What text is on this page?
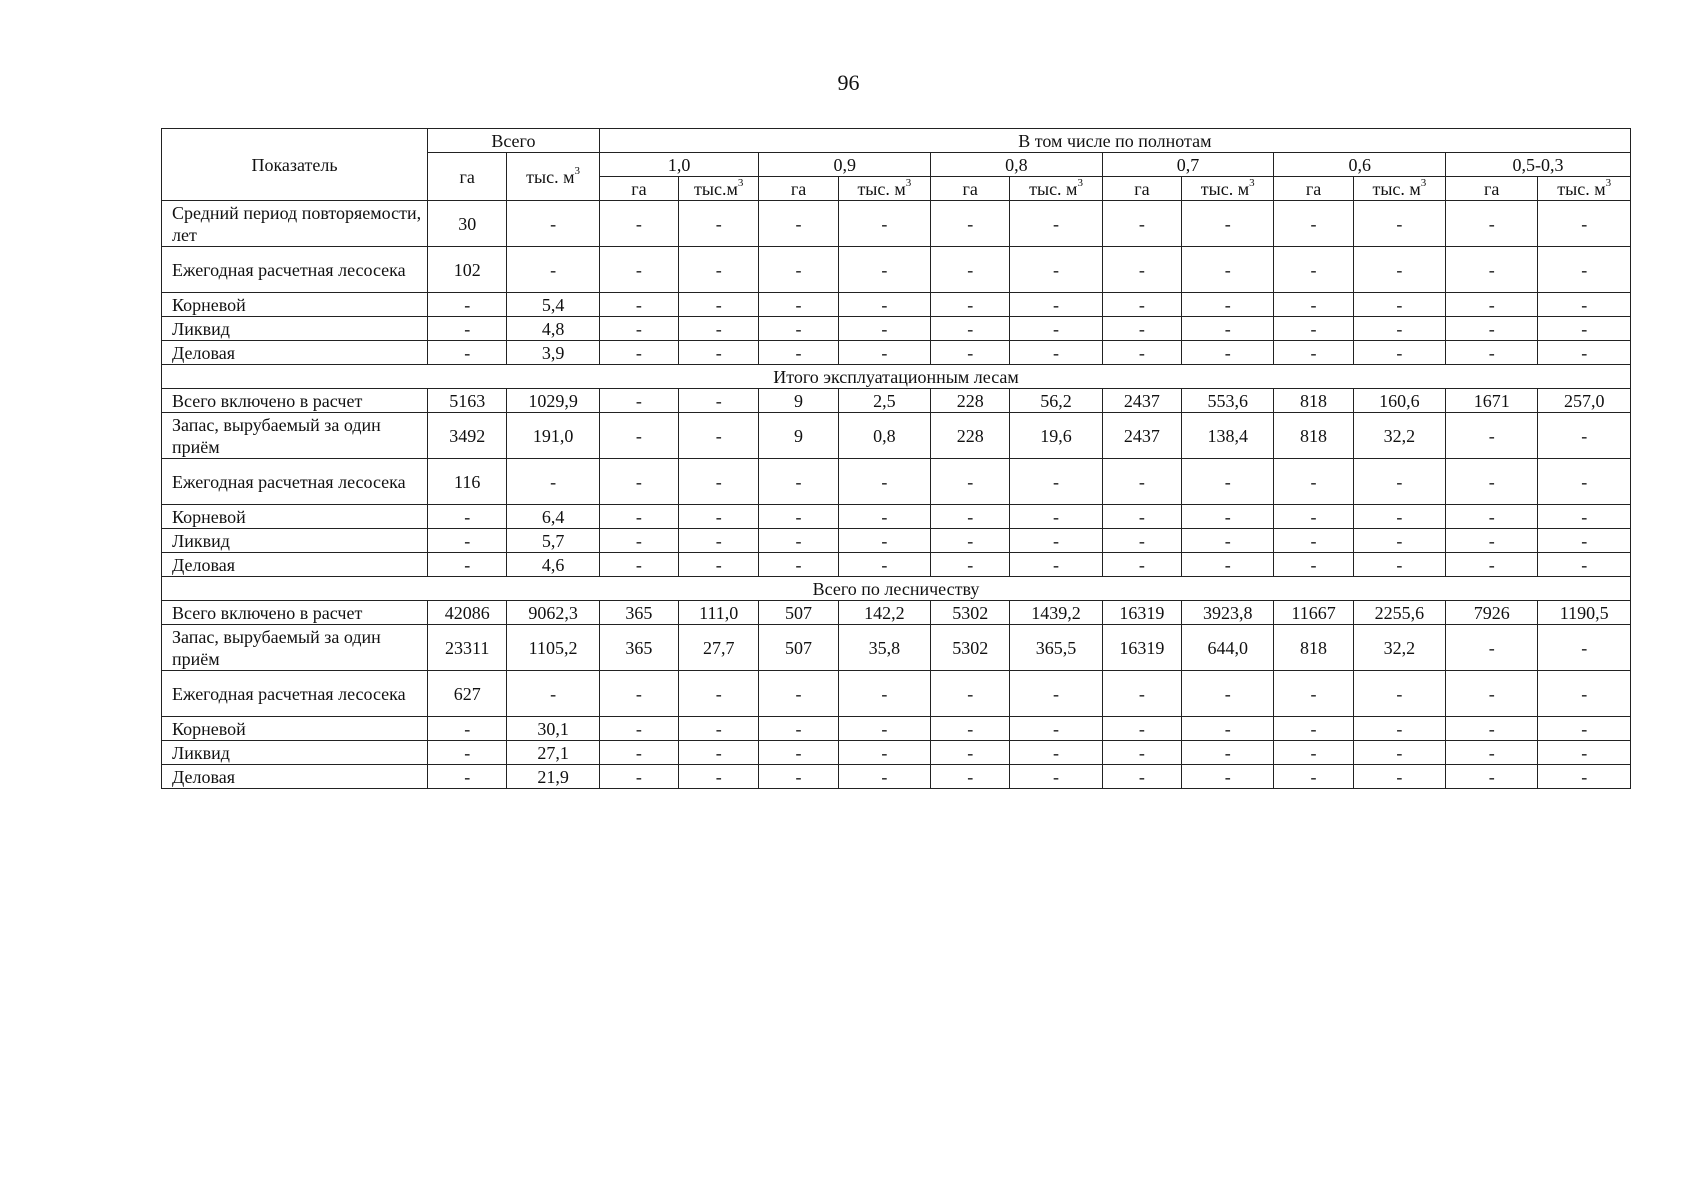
96
Показатель	Всего		В том числе по полнотам											
	га	тыс. $м^3$	1,0		0,9		0,8		0,7		0,6		0,5-0,3	
			га	$тыс.м^3$	га	тыс. $м^3$	га	тыс. $м^3$	га	тыс. $м^3$	га	тыс. $м^3$	га	тыс. $м^3$
Средний период повторяемости, лет	30	-	-	-	-	-	-	-	-	-	-	-	-	-
Ежегодная расчетная лесосека	102	-	-	-	-	-	-	-	-	-	-	-	-	-
Корневой	-	5,4	-	-	-	-	-	-	-	-	-	-	-	-
Ликвид	-	4,8	-	-	-	-	-	-	-	-	-	-	-	-
Деловая	-	3,9	-	-	-	-	-	-	-	-	-	-	-	-
Итого эксплуатационным лесам														
Всего включено в расчет	5163	1029,9	-	-	9	2,5	228	56,2	2437	553,6	818	160,6	1671	257,0
Запас, вырубаемый за один приём	3492	191,0	-	-	9	0,8	228	19,6	2437	138,4	818	32,2	-	-
Ежегодная расчетная лесосека	116	-	-	-	-	-	-	-	-	-	-	-	-	-
Корневой	-	6,4	-	-	-	-	-	-	-	-	-	-	-	-
Ликвид	-	5,7	-	-	-	-	-	-	-	-	-	-	-	-
Деловая	-	4,6	-	-	-	-	-	-	-	-	-	-	-	-
Всего по лесничеству														
Всего включено в расчет	42086	9062,3	365	111,0	507	142,2	5302	1439,2	16319	3923,8	11667	2255,6	7926	1190,5
Запас, вырубаемый за один приём	23311	1105,2	365	27,7	507	35,8	5302	365,5	16319	644,0	818	32,2	-	-
Ежегодная расчетная лесосека	627	-	-	-	-	-	-	-	-	-	-	-	-	-
Корневой	-	30,1	-	-	-	-	-	-	-	-	-	-	-	-
Ликвид	-	27,1	-	-	-	-	-	-	-	-	-	-	-	-
Деловая	-	21,9	-	-	-	-	-	-	-	-	-	-	-	-
